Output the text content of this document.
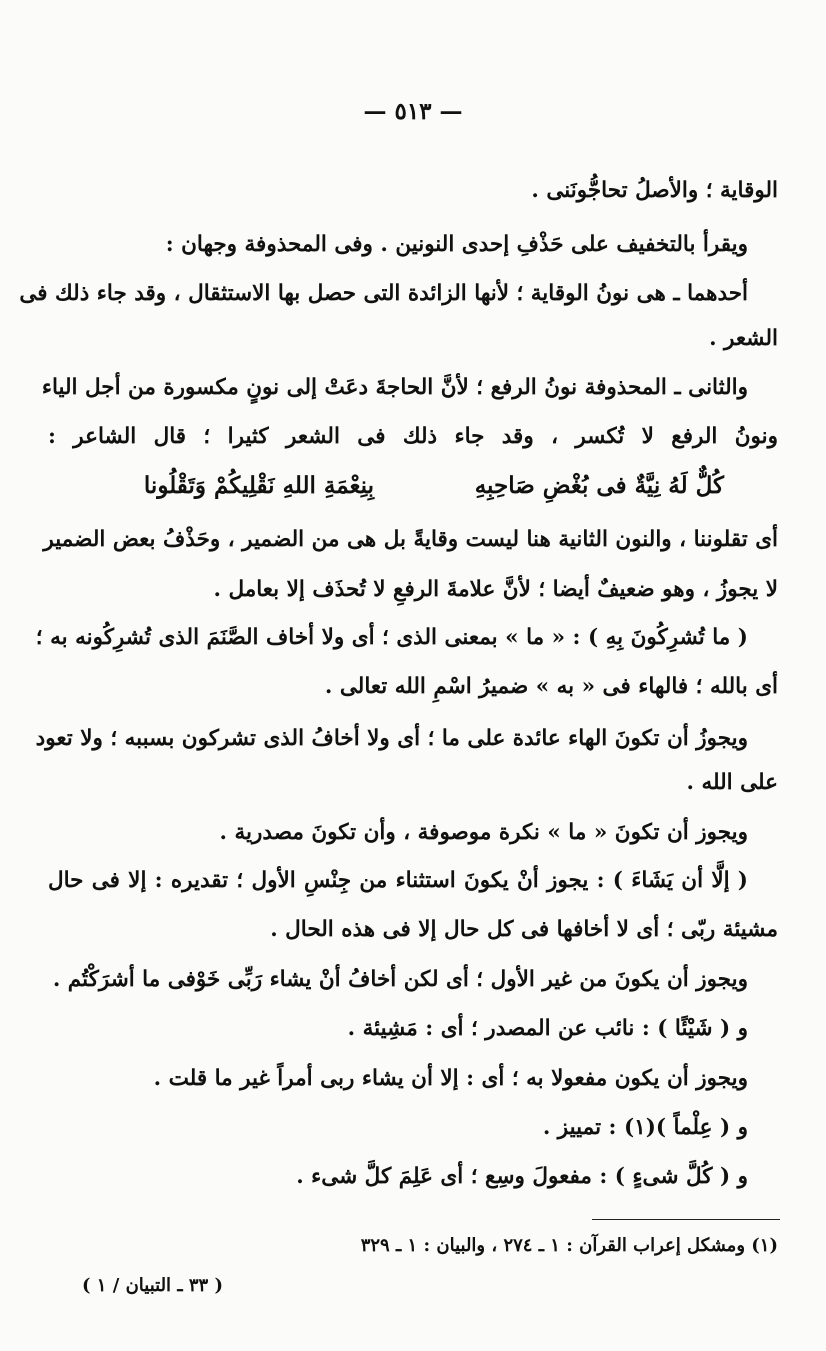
— ٥١٣ —
الوقاية ؛ والأصلُ تحاجُّونَنى .
ويقرأ بالتخفيف على حَذْفِ إحدى النونين . وفى المحذوفة وجهان :
أحدهما ـ هى نونُ الوقاية ؛ لأنها الزائدة التى حصل بها الاستثقال ، وقد جاء ذلك فى
الشعر .
والثانى ـ المحذوفة نونُ الرفع ؛ لأنَّ الحاجةَ دعَتْ إلى نونٍ مكسورة من أجل الياء
ونونُ الرفع لا تُكسر ، وقد جاء ذلك فى الشعر كثيرا ؛ قال الشاعر :
كُلٌّ لَهُ نِيَّةٌ فى بُغْضِ صَاحِبِهِ
بِنِعْمَةِ اللهِ نَقْلِيكُمْ وَتَقْلُونا
أى تقلوننا ، والنون الثانية هنا ليست وقايةً بل هى من الضمير ، وحَذْفُ بعض الضمير
لا يجوزُ ، وهو ضعيفٌ أيضا ؛ لأنَّ علامةَ الرفعِ لا تُحذَف إلا بعامل .
( ما تُشرِكُونَ بِهِ ) : « ما » بمعنى الذى ؛ أى ولا أخاف الصَّنَمَ الذى تُشرِكُونه به ؛
أى بالله ؛ فالهاء فى « به » ضميرُ اسْمِ الله تعالى .
ويجوزُ أن تكونَ الهاء عائدة على ما ؛ أى ولا أخافُ الذى تشركون بسببه ؛ ولا تعود
على الله .
ويجوز أن تكونَ « ما » نكرة موصوفة ، وأن تكونَ مصدرية .
( إلَّا أن يَشَاءَ ) : يجوز أنْ يكونَ استثناء من جِنْسِ الأول ؛ تقديره : إلا فى حال
مشيئة ربّى ؛ أى لا أخافها فى كل حال إلا فى هذه الحال .
ويجوز أن يكونَ من غير الأول ؛ أى لكن أخافُ أنْ يشاء رَبِّى خَوْفى ما أشرَكْتُم .
و ( شَيْئًا ) : نائب عن المصدر ؛ أى : مَشِيئة .
ويجوز أن يكون مفعولا به ؛ أى : إلا أن يشاء ربى أمراً غير ما قلت .
و ( عِلْماً )(١) : تمييز .
و ( كُلَّ شىءٍ ) : مفعولَ وسِع ؛ أى عَلِمَ كلَّ شىء .
(١) ومشكل إعراب القرآن : ١ ـ ٢٧٤ ، والبيان : ١ ـ ٣٢٩
( ٣٣ ـ التبيان / ١ )
